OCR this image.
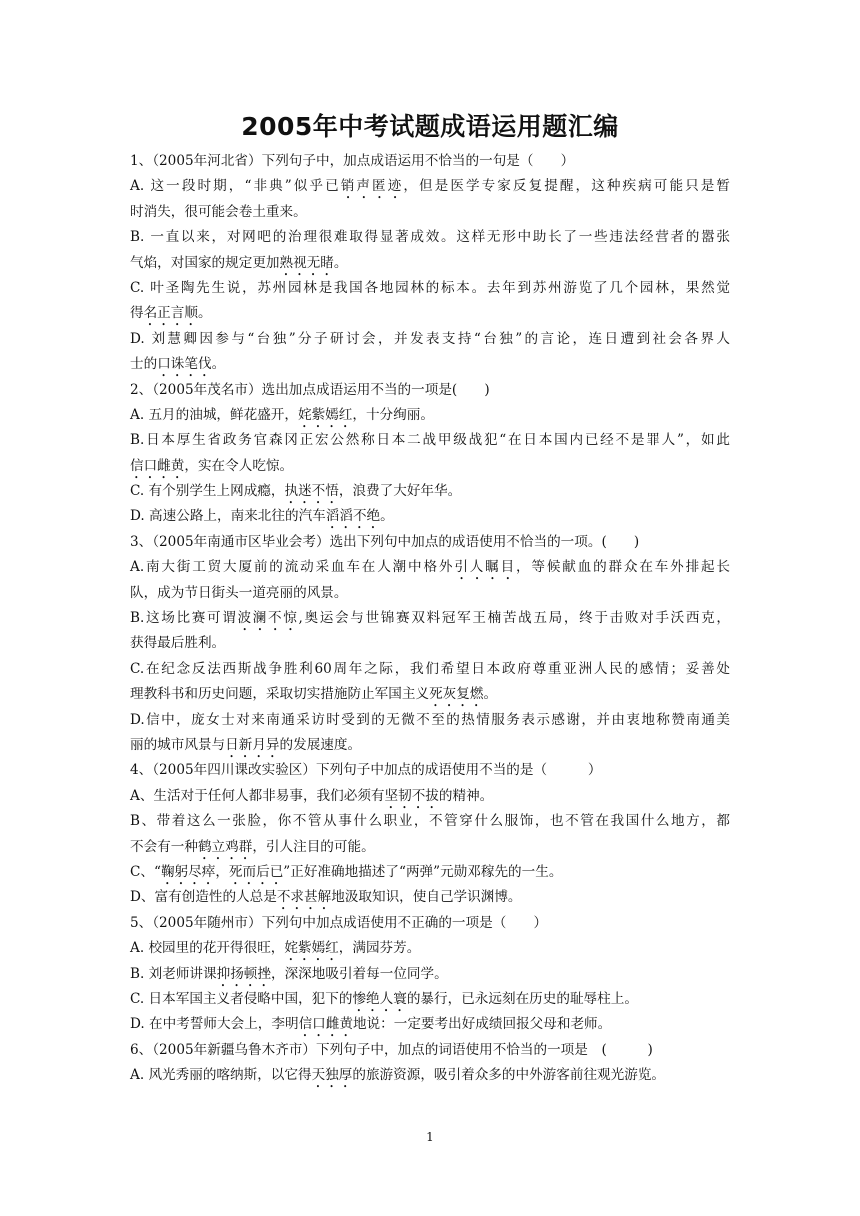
2005年中考试题成语运用题汇编
1、（2005年河北省）下列句子中，加点成语运用不恰当的一句是（　　）
A. 这一段时期，“非典”似乎已销声匿迹，但是医学专家反复提醒，这种疾病可能只是暂
时消失，很可能会卷土重来。
B. 一直以来，对网吧的治理很难取得显著成效。这样无形中助长了一些违法经营者的嚣张
气焰，对国家的规定更加熟视无睹。
C. 叶圣陶先生说，苏州园林是我国各地园林的标本。去年到苏州游览了几个园林，果然觉
得名正言顺。
D. 刘慧卿因参与“台独”分子研讨会，并发表支持“台独”的言论，连日遭到社会各界人
士的口诛笔伐。
2、（2005年茂名市）选出加点成语运用不当的一项是(　　)
A. 五月的油城，鲜花盛开，姹紫嫣红，十分绚丽。
B.日本厚生省政务官森冈正宏公然称日本二战甲级战犯“在日本国内已经不是罪人”，如此
信口雌黄，实在令人吃惊。
C. 有个别学生上网成瘾，执迷不悟，浪费了大好年华。
D. 高速公路上，南来北往的汽车滔滔不绝。
3、（2005年南通市区毕业会考）选出下列句中加点的成语使用不恰当的一项。(　　)
A.南大街工贸大厦前的流动采血车在人潮中格外引人瞩目，等候献血的群众在车外排起长
队，成为节日街头一道亮丽的风景。
B.这场比赛可谓波澜不惊,奥运会与世锦赛双料冠军王楠苦战五局，终于击败对手沃西克，
获得最后胜利。
C.在纪念反法西斯战争胜利60周年之际，我们希望日本政府尊重亚洲人民的感情；妥善处
理教科书和历史问题，采取切实措施防止军国主义死灰复燃。
D.信中，庞女士对来南通采访时受到的无微不至的热情服务表示感谢，并由衷地称赞南通美
丽的城市风景与日新月异的发展速度。
4、（2005年四川课改实验区）下列句子中加点的成语使用不当的是（　　　）
A、生活对于任何人都非易事，我们必须有坚韧不拔的精神。
B、带着这么一张脸，你不管从事什么职业，不管穿什么服饰，也不管在我国什么地方，都
不会有一种鹤立鸡群，引人注目的可能。
C、“鞠躬尽瘁，死而后已”正好准确地描述了“两弹”元勋邓稼先的一生。
D、富有创造性的人总是不求甚解地汲取知识，使自己学识渊博。
5、（2005年随州市）下列句中加点成语使用不正确的一项是（　　）
A. 校园里的花开得很旺，姹紫嫣红，满园芬芳。
B. 刘老师讲课抑扬顿挫，深深地吸引着每一位同学。
C. 日本军国主义者侵略中国，犯下的惨绝人寰的暴行，已永远刻在历史的耻辱柱上。
D. 在中考誓师大会上，李明信口雌黄地说：一定要考出好成绩回报父母和老师。
6、（2005年新疆乌鲁木齐市）下列句子中，加点的词语使用不恰当的一项是　(　　　)
A. 风光秀丽的喀纳斯，以它得天独厚的旅游资源，吸引着众多的中外游客前往观光游览。
1
